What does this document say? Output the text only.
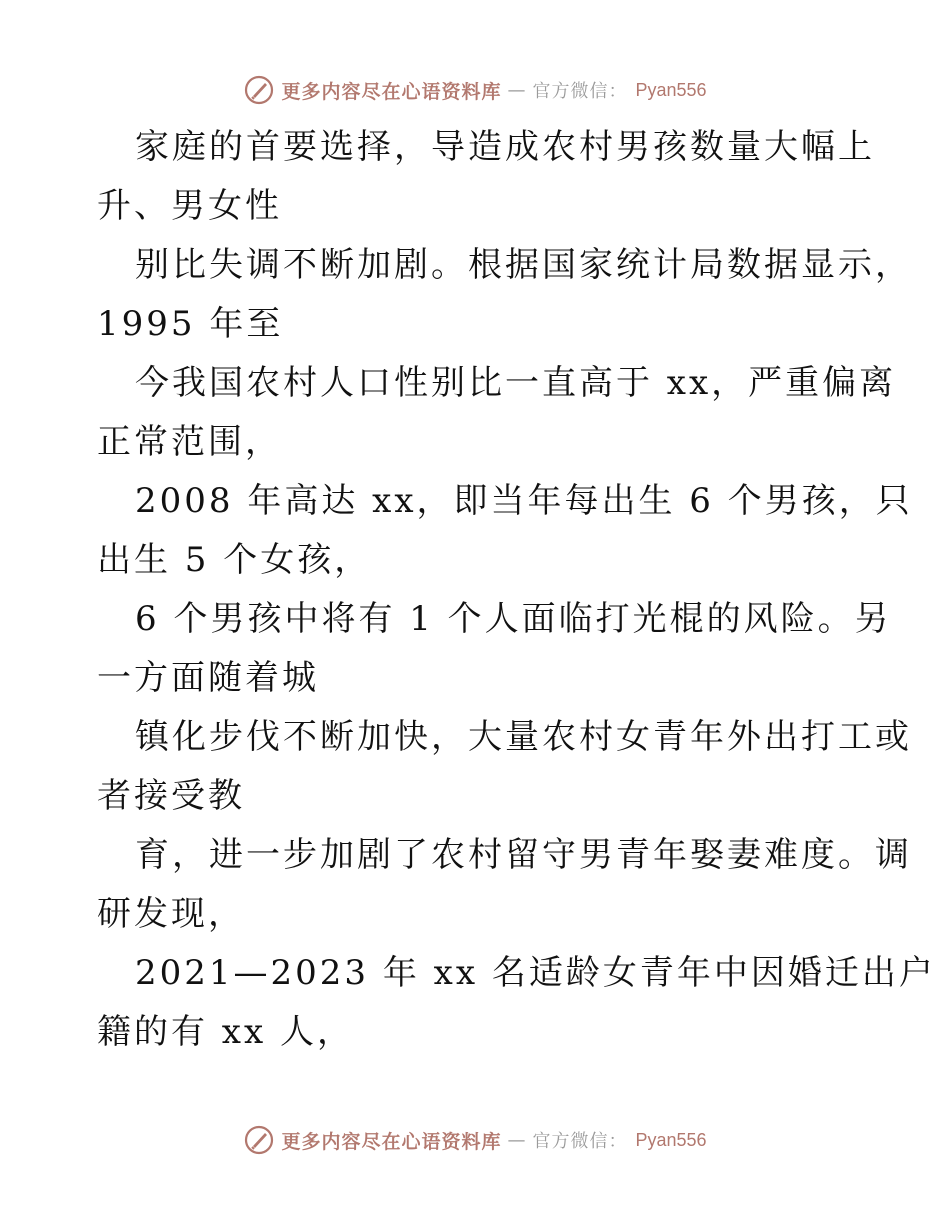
更多内容尽在心语资料库 — 官方微信： Pyan556
家庭的首要选择，导造成农村男孩数量大幅上
升、男女性
别比失调不断加剧。根据国家统计局数据显示，
1995 年至
今我国农村人口性别比一直高于 xx，严重偏离
正常范围，
2008 年高达 xx，即当年每出生 6 个男孩，只
出生 5 个女孩，
6 个男孩中将有 1 个人面临打光棍的风险。另
一方面随着城
镇化步伐不断加快，大量农村女青年外出打工或
者接受教
育，进一步加剧了农村留守男青年娶妻难度。调
研发现，
2021—2023 年 xx 名适龄女青年中因婚迁出户
籍的有 xx 人，
更多内容尽在心语资料库 — 官方微信： Pyan556
